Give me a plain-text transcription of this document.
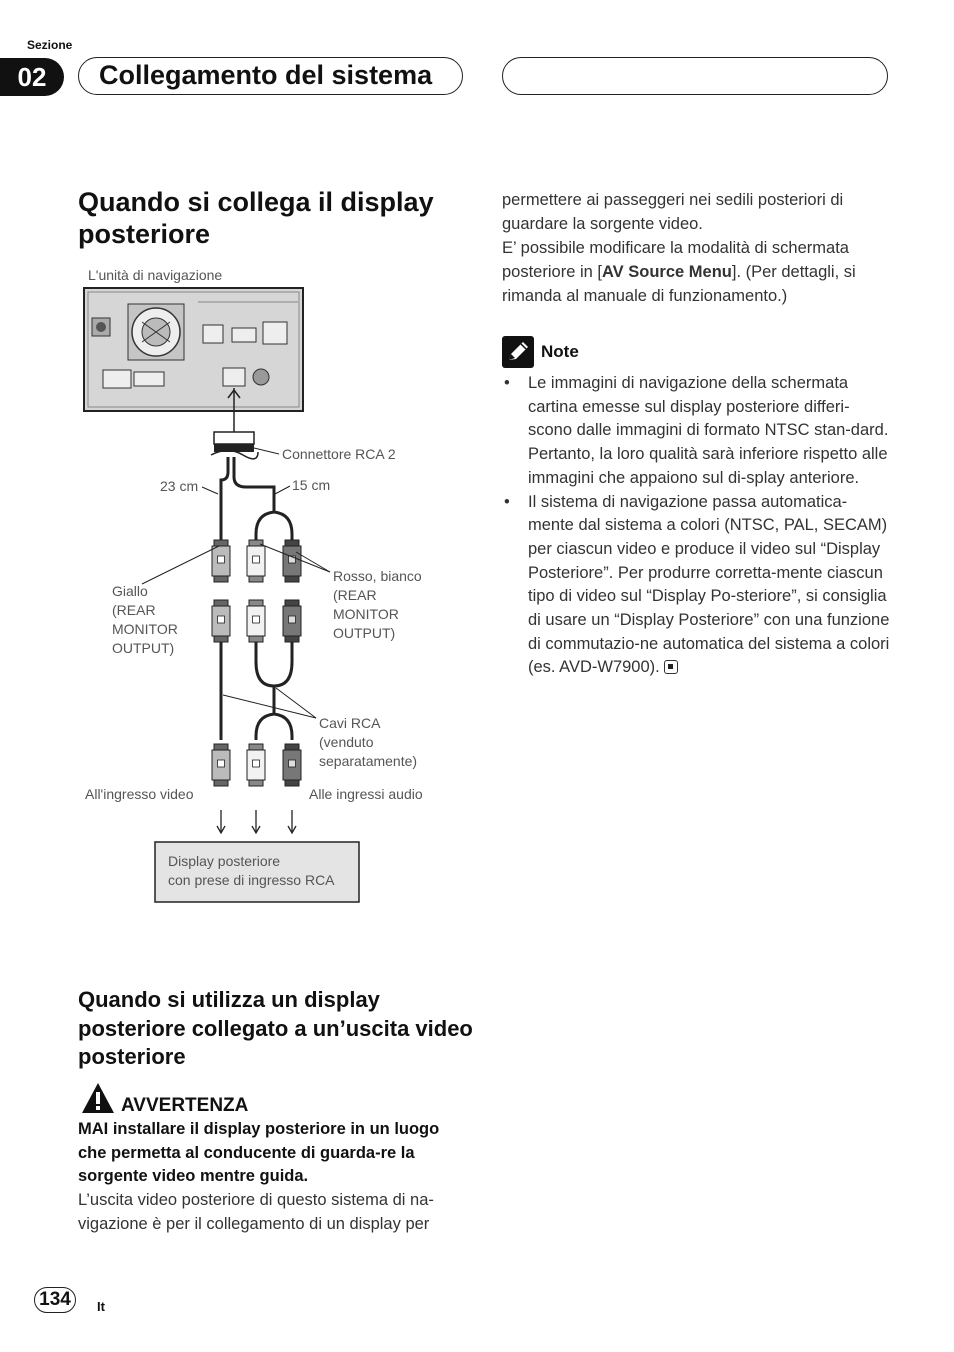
Sezione
02	Collegamento del sistema
Quando si collega il display posteriore
L'unità di navigazione
Connettore RCA 2
23 cm	15 cm
Giallo (REAR MONITOR OUTPUT)
Rosso, bianco (REAR MONITOR OUTPUT)
Cavi RCA (venduto separatamente)
All'ingresso video	Alle ingressi audio
Display posteriore con prese di ingresso RCA
Quando si utilizza un display posteriore collegato a un’uscita video posteriore
AVVERTENZA

MAI installare il display posteriore in un luogo che permetta al conducente di guarda-re la sorgente video mentre guida.

L’uscita video posteriore di questo sistema di na-vigazione è per il collegamento di un display per

permettere ai passeggeri nei sedili posteriori di guardare la sorgente video.

E’ possibile modificare la modalità di schermata posteriore in [AV Source Menu]. (Per dettagli, si rimanda al manuale di funzionamento.)

Note
• Le immagini di navigazione della schermata cartina emesse sul display posteriore differi-scono dalle immagini di formato NTSC stan-dard. Pertanto, la loro qualità sarà inferiore rispetto alle immagini che appaiono sul di-splay anteriore.
• Il sistema di navigazione passa automatica-mente dal sistema a colori (NTSC, PAL, SECAM) per ciascun video e produce il video sul “Display Posteriore”. Per produrre corretta-mente ciascun tipo di video sul “Display Po-steriore”, si consiglia di usare un “Display Posteriore” con una funzione di commutazio-ne automatica del sistema a colori (es. AVD-W7900).
134	It
